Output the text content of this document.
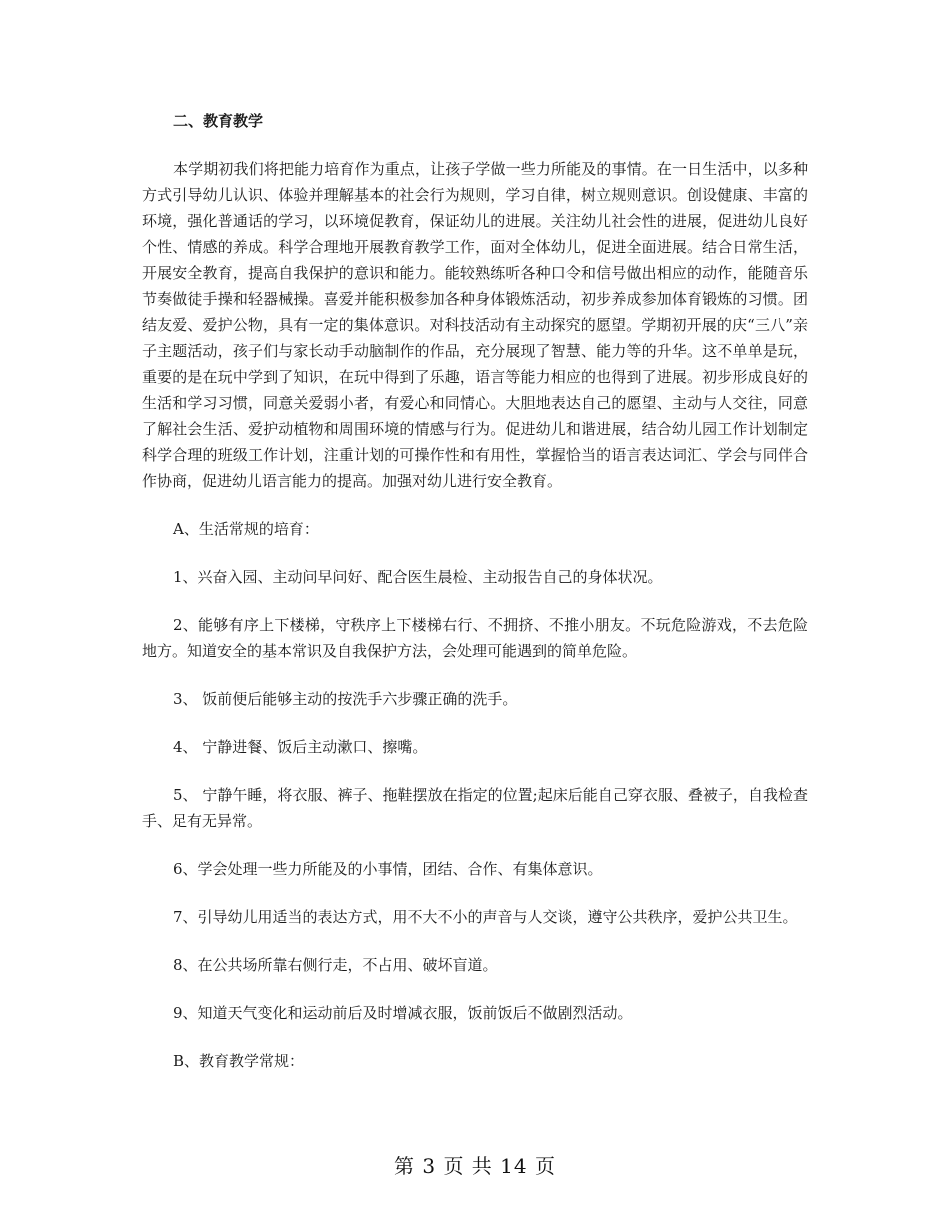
二、教育教学

本学期初我们将把能力培育作为重点，让孩子学做一些力所能及的事情。在一日生活中，以多种方式引导幼儿认识、体验并理解基本的社会行为规则，学习自律，树立规则意识。创设健康、丰富的环境，强化普通话的学习，以环境促教育，保证幼儿的进展。关注幼儿社会性的进展，促进幼儿良好个性、情感的养成。科学合理地开展教育教学工作，面对全体幼儿，促进全面进展。结合日常生活，开展安全教育，提高自我保护的意识和能力。能较熟练听各种口令和信号做出相应的动作，能随音乐节奏做徒手操和轻器械操。喜爱并能积极参加各种身体锻炼活动，初步养成参加体育锻炼的习惯。团结友爱、爱护公物，具有一定的集体意识。对科技活动有主动探究的愿望。学期初开展的庆“三八”亲子主题活动，孩子们与家长动手动脑制作的作品，充分展现了智慧、能力等的升华。这不单单是玩，重要的是在玩中学到了知识，在玩中得到了乐趣，语言等能力相应的也得到了进展。初步形成良好的生活和学习习惯，同意关爱弱小者，有爱心和同情心。大胆地表达自己的愿望、主动与人交往，同意了解社会生活、爱护动植物和周围环境的情感与行为。促进幼儿和谐进展，结合幼儿园工作计划制定科学合理的班级工作计划，注重计划的可操作性和有用性，掌握恰当的语言表达词汇、学会与同伴合作协商，促进幼儿语言能力的提高。加强对幼儿进行安全教育。

A、生活常规的培育：

1、兴奋入园、主动问早问好、配合医生晨检、主动报告自己的身体状况。

2、能够有序上下楼梯，守秩序上下楼梯右行、不拥挤、不推小朋友。不玩危险游戏，不去危险地方。知道安全的基本常识及自我保护方法，会处理可能遇到的简单危险。

3、 饭前便后能够主动的按洗手六步骤正确的洗手。

4、 宁静进餐、饭后主动漱口、擦嘴。

5、 宁静午睡，将衣服、裤子、拖鞋摆放在指定的位置;起床后能自己穿衣服、叠被子，自我检查手、足有无异常。

6、学会处理一些力所能及的小事情，团结、合作、有集体意识。

7、引导幼儿用适当的表达方式，用不大不小的声音与人交谈，遵守公共秩序，爱护公共卫生。

8、在公共场所靠右侧行走，不占用、破坏盲道。

9、知道天气变化和运动前后及时增减衣服，饭前饭后不做剧烈活动。

B、教育教学常规：

第 3 页 共 14 页
